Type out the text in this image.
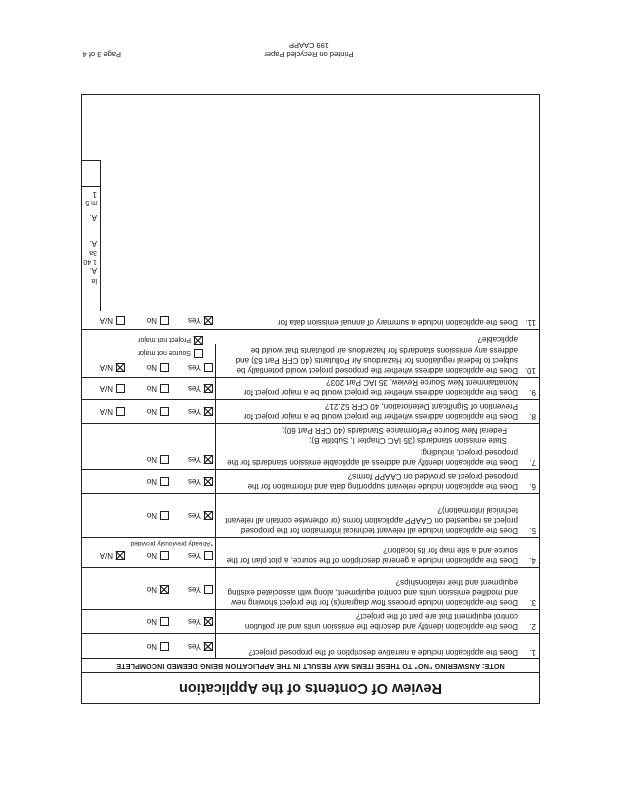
Review Of Contents of the Application
NOTE: ANSWERING "NO" TO THESE ITEMS MAY RESULT IN THE APPLICATION BEING DEEMED INCOMPLETE
1.
Does the application include a narrative description of the proposed project?
Yes
No
2.
Does the application identify and describe the emission units and air pollution control equipment that are part of the project?
Yes
No
3.
Does the application include process flow diagram(s) for the project showing new and modified emission units and control equipment, along with associated existing equipment and their relationships?
Yes
No
4.
Does the application include a general description of the source, a plot plan for the source and a site map for its location?
Yes
No
N/A
*Already previously provided
5.
Does the application include all relevant technical information for the proposed project as requested on CAAPP application forms (or otherwise contain all relevant technical information)?
Yes
No
6.
Does the application include relevant supporting data and information for the proposed project as provided on CAAPP forms?
Yes
No
7.
Does the application identify and address all applicable emission standards for the proposed project, including:
State emission standards (35 IAC Chapter I, Subtitle B);
Federal New Source Performance Standards (40 CFR Part 60);
Yes
No
8.
Does the application address whether the project would be a major project for Prevention of Significant Deterioration, 40 CFR 52.21?
Yes
No
N/A
9.
Does the application address whether the project would be a major project for Nonattainment New Source Review, 35 IAC Part 203?
Yes
No
N/A
10.
Does the application address whether the proposed project would potentially be subject to federal regulations for Hazardous Air Pollutants (40 CFR Part 63) and address any emissions standards for hazardous air pollutants that would be applicable?
Yes
No
N/A
Source not major
Project not major
11.
Does the application include a summary of annual emission data for
Yes
No
N/A
A.
A.
A.
1
la
m 5
3a
1 40
Printed on Recycled Paper
199 CAAPP
Page 3 of 4
